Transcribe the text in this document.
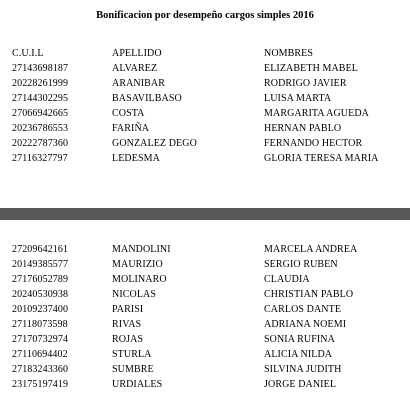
Bonificacion por desempeño cargos simples 2016
C.U.I.L	APELLIDO	NOMBRES
27143698187	ALVAREZ	ELIZABETH MABEL
20228261999	ARANIBAR	RODRIGO JAVIER
27144302295	BASAVILBASO	LUISA MARTA
27066942665	COSTA	MARGARITA AGUEDA
20236786553	FARIÑA	HERNAN PABLO
20222787360	GONZALEZ DEGO	FERNANDO HECTOR
27116327797	LEDESMA	GLORIA TERESA MARIA
27209642161	MANDOLINI	MARCELA ANDREA
20149385577	MAURIZIO	SERGIO RUBEN
27176052789	MOLINARO	CLAUDIA
20240530938	NICOLAS	CHRISTIAN PABLO
20109237400	PARISI	CARLOS DANTE
27118073598	RIVAS	ADRIANA NOEMI
27170732974	ROJAS	SONIA RUFINA
27110694402	STURLA	ALICIA NILDA
27183243360	SUMBRE	SILVINA JUDITH
23175197419	URDIALES	JORGE DANIEL
